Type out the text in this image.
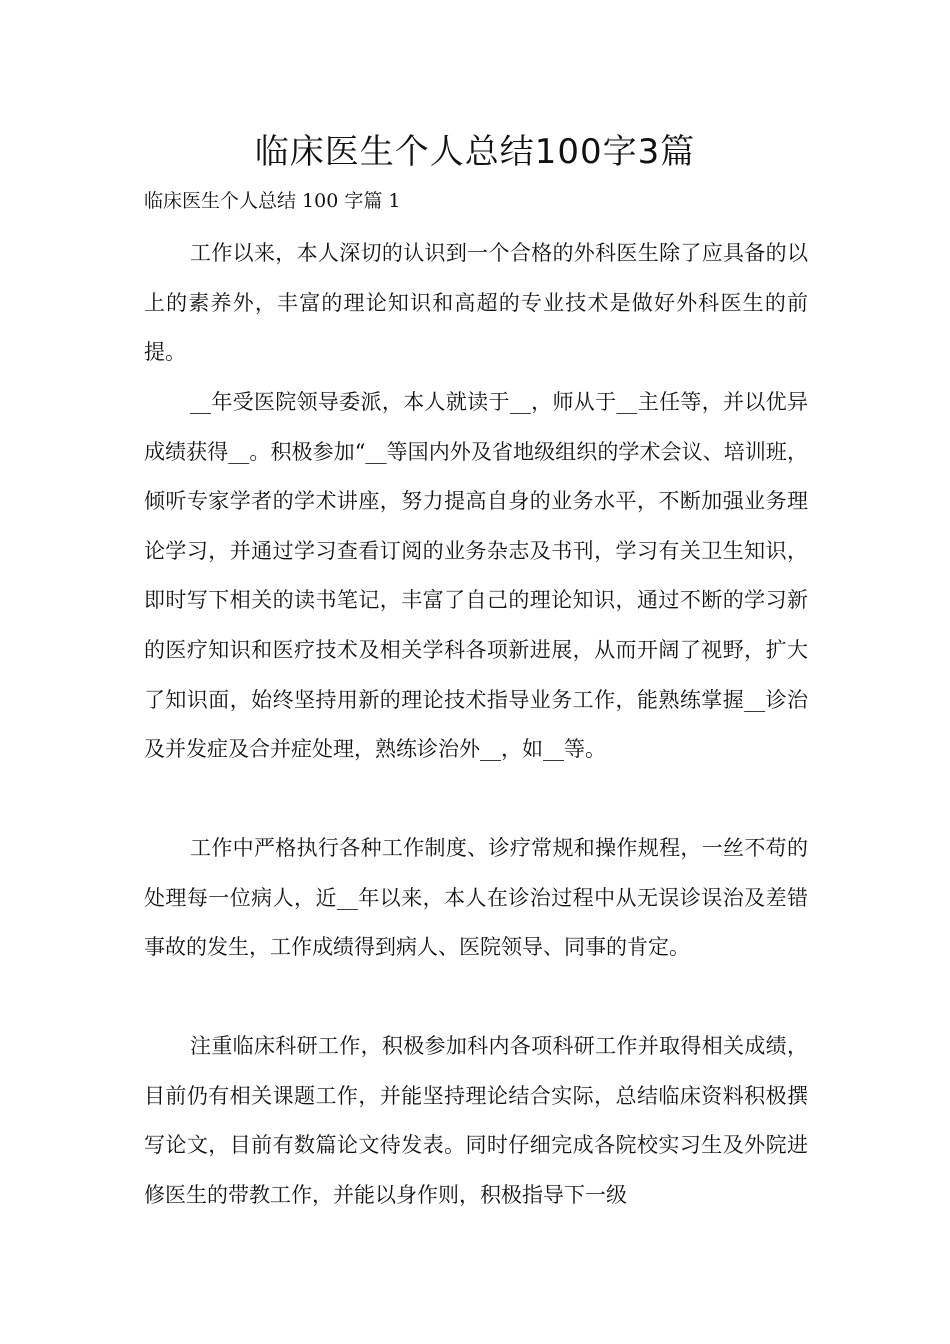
临床医生个人总结100字3篇
临床医生个人总结 100 字篇 1

工作以来，本人深切的认识到一个合格的外科医生除了应具备的以上的素养外，丰富的理论知识和高超的专业技术是做好外科医生的前提。

__年受医院领导委派，本人就读于__，师从于__主任等，并以优异成绩获得__。积极参加“__等国内外及省地级组织的学术会议、培训班，倾听专家学者的学术讲座，努力提高自身的业务水平，不断加强业务理论学习，并通过学习查看订阅的业务杂志及书刊，学习有关卫生知识，即时写下相关的读书笔记，丰富了自己的理论知识，通过不断的学习新的医疗知识和医疗技术及相关学科各项新进展，从而开阔了视野，扩大了知识面，始终坚持用新的理论技术指导业务工作，能熟练掌握__诊治及并发症及合并症处理，熟练诊治外__，如__等。

工作中严格执行各种工作制度、诊疗常规和操作规程，一丝不苟的处理每一位病人，近__年以来，本人在诊治过程中从无误诊误治及差错事故的发生，工作成绩得到病人、医院领导、同事的肯定。

注重临床科研工作，积极参加科内各项科研工作并取得相关成绩，目前仍有相关课题工作，并能坚持理论结合实际，总结临床资料积极撰写论文，目前有数篇论文待发表。同时仔细完成各院校实习生及外院进修医生的带教工作，并能以身作则，积极指导下一级
